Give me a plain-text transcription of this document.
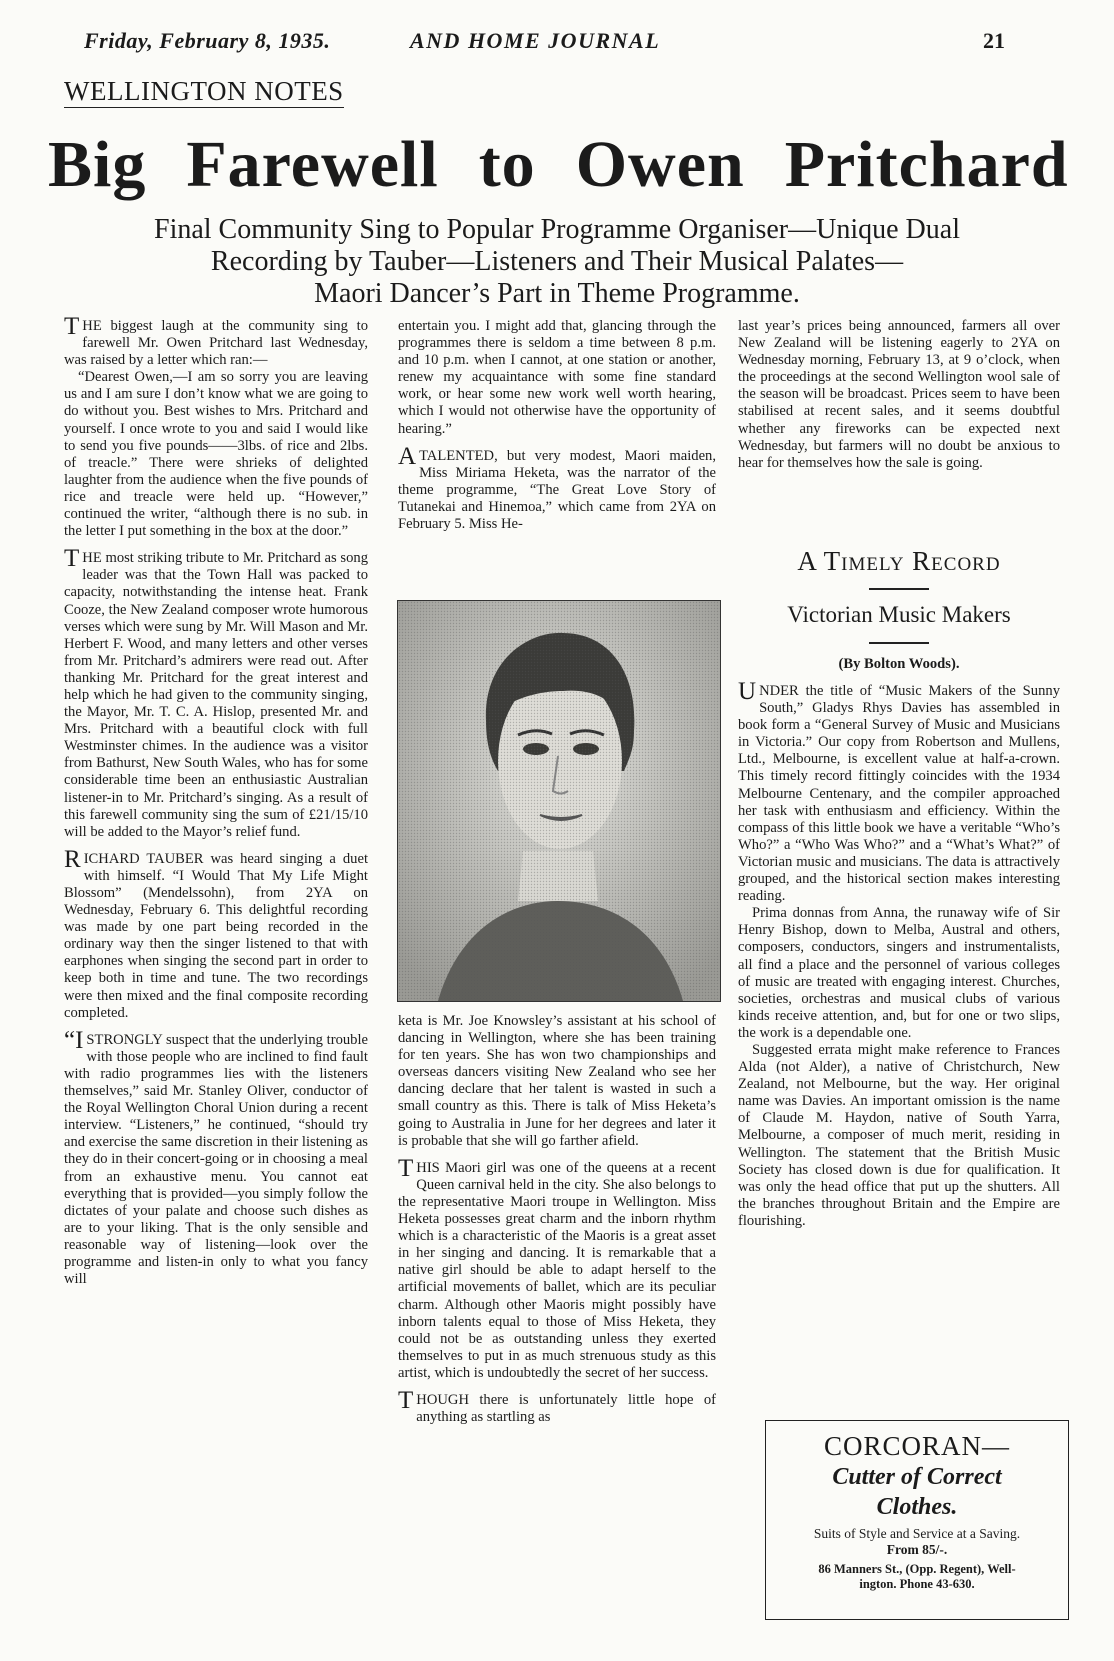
Friday, February 8, 1935.	AND HOME JOURNAL	21
WELLINGTON NOTES
Big Farewell to Owen Pritchard
Final Community Sing to Popular Programme Organiser—Unique Dual
Recording by Tauber—Listeners and Their Musical Palates—
Maori Dancer’s Part in Theme Programme.

THE biggest laugh at the community sing to farewell Mr. Owen Pritchard last Wednesday, was raised by a letter which ran:—

“Dearest Owen,—I am so sorry you are leaving us and I am sure I don’t know what we are going to do without you. Best wishes to Mrs. Pritchard and yourself. I once wrote to you and said I would like to send you five pounds——3lbs. of rice and 2lbs. of treacle.” There were shrieks of delighted laughter from the audience when the five pounds of rice and treacle were held up. “However,” continued the writer, “although there is no sub. in the letter I put something in the box at the door.”

THE most striking tribute to Mr. Pritchard as song leader was that the Town Hall was packed to capacity, notwithstanding the intense heat. Frank Cooze, the New Zealand composer wrote humorous verses which were sung by Mr. Will Mason and Mr. Herbert F. Wood, and many letters and other verses from Mr. Pritchard’s admirers were read out. After thanking Mr. Pritchard for the great interest and help which he had given to the community singing, the Mayor, Mr. T. C. A. Hislop, presented Mr. and Mrs. Pritchard with a beautiful clock with full Westminster chimes. In the audience was a visitor from Bathurst, New South Wales, who has for some considerable time been an enthusiastic Australian listener-in to Mr. Pritchard’s singing. As a result of this farewell community sing the sum of £21/15/10 will be added to the Mayor’s relief fund.

RICHARD TAUBER was heard singing a duet with himself. “I Would That My Life Might Blossom” (Mendelssohn), from 2YA on Wednesday, February 6. This delightful recording was made by one part being recorded in the ordinary way then the singer listened to that with earphones when singing the second part in order to keep both in time and tune. The two recordings were then mixed and the final composite recording completed.

“I STRONGLY suspect that the underlying trouble with those people who are inclined to find fault with radio programmes lies with the listeners themselves,” said Mr. Stanley Oliver, conductor of the Royal Wellington Choral Union during a recent interview. “Listeners,” he continued, “should try and exercise the same discretion in their listening as they do in their concert-going or in choosing a meal from an exhaustive menu. You cannot eat everything that is provided—you simply follow the dictates of your palate and choose such dishes as are to your liking. That is the only sensible and reasonable way of listening—look over the programme and listen-in only to what you fancy will

entertain you. I might add that, glancing through the programmes there is seldom a time between 8 p.m. and 10 p.m. when I cannot, at one station or another, renew my acquaintance with some fine standard work, or hear some new work well worth hearing, which I would not otherwise have the opportunity of hearing.”

A TALENTED, but very modest, Maori maiden, Miss Miriama Heketa, was the narrator of the theme programme, “The Great Love Story of Tutanekai and Hinemoa,” which came from 2YA on February 5. Miss He-

keta is Mr. Joe Knowsley’s assistant at his school of dancing in Wellington, where she has been training for ten years. She has won two championships and overseas dancers visiting New Zealand who see her dancing declare that her talent is wasted in such a small country as this. There is talk of Miss Heketa’s going to Australia in June for her degrees and later it is probable that she will go farther afield.

THIS Maori girl was one of the queens at a recent Queen carnival held in the city. She also belongs to the representative Maori troupe in Wellington. Miss Heketa possesses great charm and the inborn rhythm which is a characteristic of the Maoris is a great asset in her singing and dancing. It is remarkable that a native girl should be able to adapt herself to the artificial movements of ballet, which are its peculiar charm. Although other Maoris might possibly have inborn talents equal to those of Miss Heketa, they could not be as outstanding unless they exerted themselves to put in as much strenuous study as this artist, which is undoubtedly the secret of her success.

THOUGH there is unfortunately little hope of anything as startling as

last year’s prices being announced, farmers all over New Zealand will be listening eagerly to 2YA on Wednesday morning, February 13, at 9 o’clock, when the proceedings at the second Wellington wool sale of the season will be broadcast. Prices seem to have been stabilised at recent sales, and it seems doubtful whether any fireworks can be expected next Wednesday, but farmers will no doubt be anxious to hear for themselves how the sale is going.

A Timely Record
Victorian Music Makers
(By Bolton Woods).

UNDER the title of “Music Makers of the Sunny South,” Gladys Rhys Davies has assembled in book form a “General Survey of Music and Musicians in Victoria.” Our copy from Robertson and Mullens, Ltd., Melbourne, is excellent value at half-a-crown. This timely record fittingly coincides with the 1934 Melbourne Centenary, and the compiler approached her task with enthusiasm and efficiency. Within the compass of this little book we have a veritable “Who’s Who?” a “Who Was Who?” and a “What’s What?” of Victorian music and musicians. The data is attractively grouped, and the historical section makes interesting reading.

Prima donnas from Anna, the runaway wife of Sir Henry Bishop, down to Melba, Austral and others, composers, conductors, singers and instrumentalists, all find a place and the personnel of various colleges of music are treated with engaging interest. Churches, societies, orchestras and musical clubs of various kinds receive attention, and, but for one or two slips, the work is a dependable one.

Suggested errata might make reference to Frances Alda (not Alder), a native of Christchurch, New Zealand, not Melbourne, but the way. Her original name was Davies. An important omission is the name of Claude M. Haydon, native of South Yarra, Melbourne, a composer of much merit, residing in Wellington. The statement that the British Music Society has closed down is due for qualification. It was only the head office that put up the shutters. All the branches throughout Britain and the Empire are flourishing.

CORCORAN—
Cutter of Correct
Clothes.
Suits of Style and Service at a Saving.
From 85/-.
86 Manners St., (Opp. Regent), Well-
ington. Phone 43-630.
